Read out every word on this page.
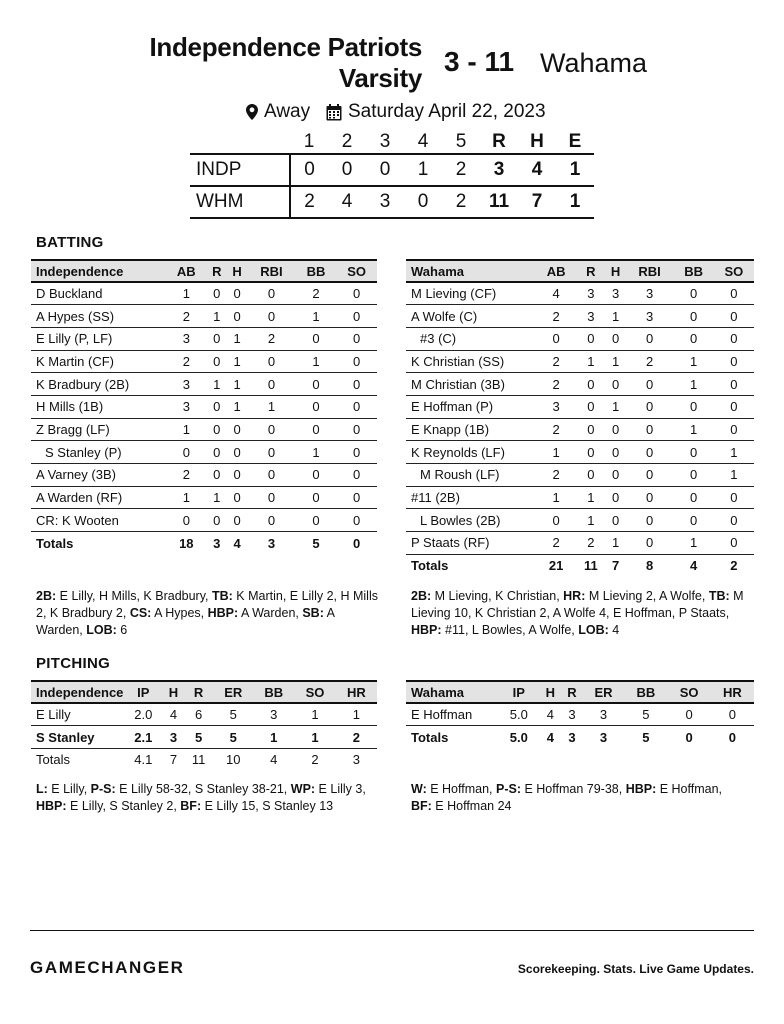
Independence Patriots
Varsity
3 - 11 Wahama
Away Saturday April 22, 2023
	1	2	3	4	5	R	H	E
INDP	0	0	0	1	2	3	4	1
WHM	2	4	3	0	2	11	7	1
BATTING
Independence	AB	R	H	RBI	BB	SO
D Buckland	1	0	0	0	2	0
A Hypes (SS)	2	1	0	0	1	0
E Lilly (P, LF)	3	0	1	2	0	0
K Martin (CF)	2	0	1	0	1	0
K Bradbury (2B)	3	1	1	0	0	0
H Mills (1B)	3	0	1	1	0	0
Z Bragg (LF)	1	0	0	0	0	0
S Stanley (P)	0	0	0	0	1	0
A Varney (3B)	2	0	0	0	0	0
A Warden (RF)	1	1	0	0	0	0
CR: K Wooten	0	0	0	0	0	0
Totals	18	3	4	3	5	0
Wahama	AB	R	H	RBI	BB	SO
M Lieving (CF)	4	3	3	3	0	0
A Wolfe (C)	2	3	1	3	0	0
#3 (C)	0	0	0	0	0	0
K Christian (SS)	2	1	1	2	1	0
M Christian (3B)	2	0	0	0	1	0
E Hoffman (P)	3	0	1	0	0	0
E Knapp (1B)	2	0	0	0	1	0
K Reynolds (LF)	1	0	0	0	0	1
M Roush (LF)	2	0	0	0	0	1
#11 (2B)	1	1	0	0	0	0
L Bowles (2B)	0	1	0	0	0	0
P Staats (RF)	2	2	1	0	1	0
Totals	21	11	7	8	4	2
2B: E Lilly, H Mills, K Bradbury, TB: K Martin, E Lilly 2, H Mills 2, K Bradbury 2, CS: A Hypes, HBP: A Warden, SB: A Warden, LOB: 6
2B: M Lieving, K Christian, HR: M Lieving 2, A Wolfe, TB: M Lieving 10, K Christian 2, A Wolfe 4, E Hoffman, P Staats, HBP: #11, L Bowles, A Wolfe, LOB: 4
PITCHING
Independence	IP	H	R	ER	BB	SO	HR
E Lilly	2.0	4	6	5	3	1	1
S Stanley	2.1	3	5	5	1	1	2
Totals	4.1	7	11	10	4	2	3
Wahama	IP	H	R	ER	BB	SO	HR
E Hoffman	5.0	4	3	3	5	0	0
Totals	5.0	4	3	3	5	0	0
L: E Lilly, P-S: E Lilly 58-32, S Stanley 38-21, WP: E Lilly 3, HBP: E Lilly, S Stanley 2, BF: E Lilly 15, S Stanley 13
W: E Hoffman, P-S: E Hoffman 79-38, HBP: E Hoffman, BF: E Hoffman 24
GAMECHANGER	Scorekeeping. Stats. Live Game Updates.
